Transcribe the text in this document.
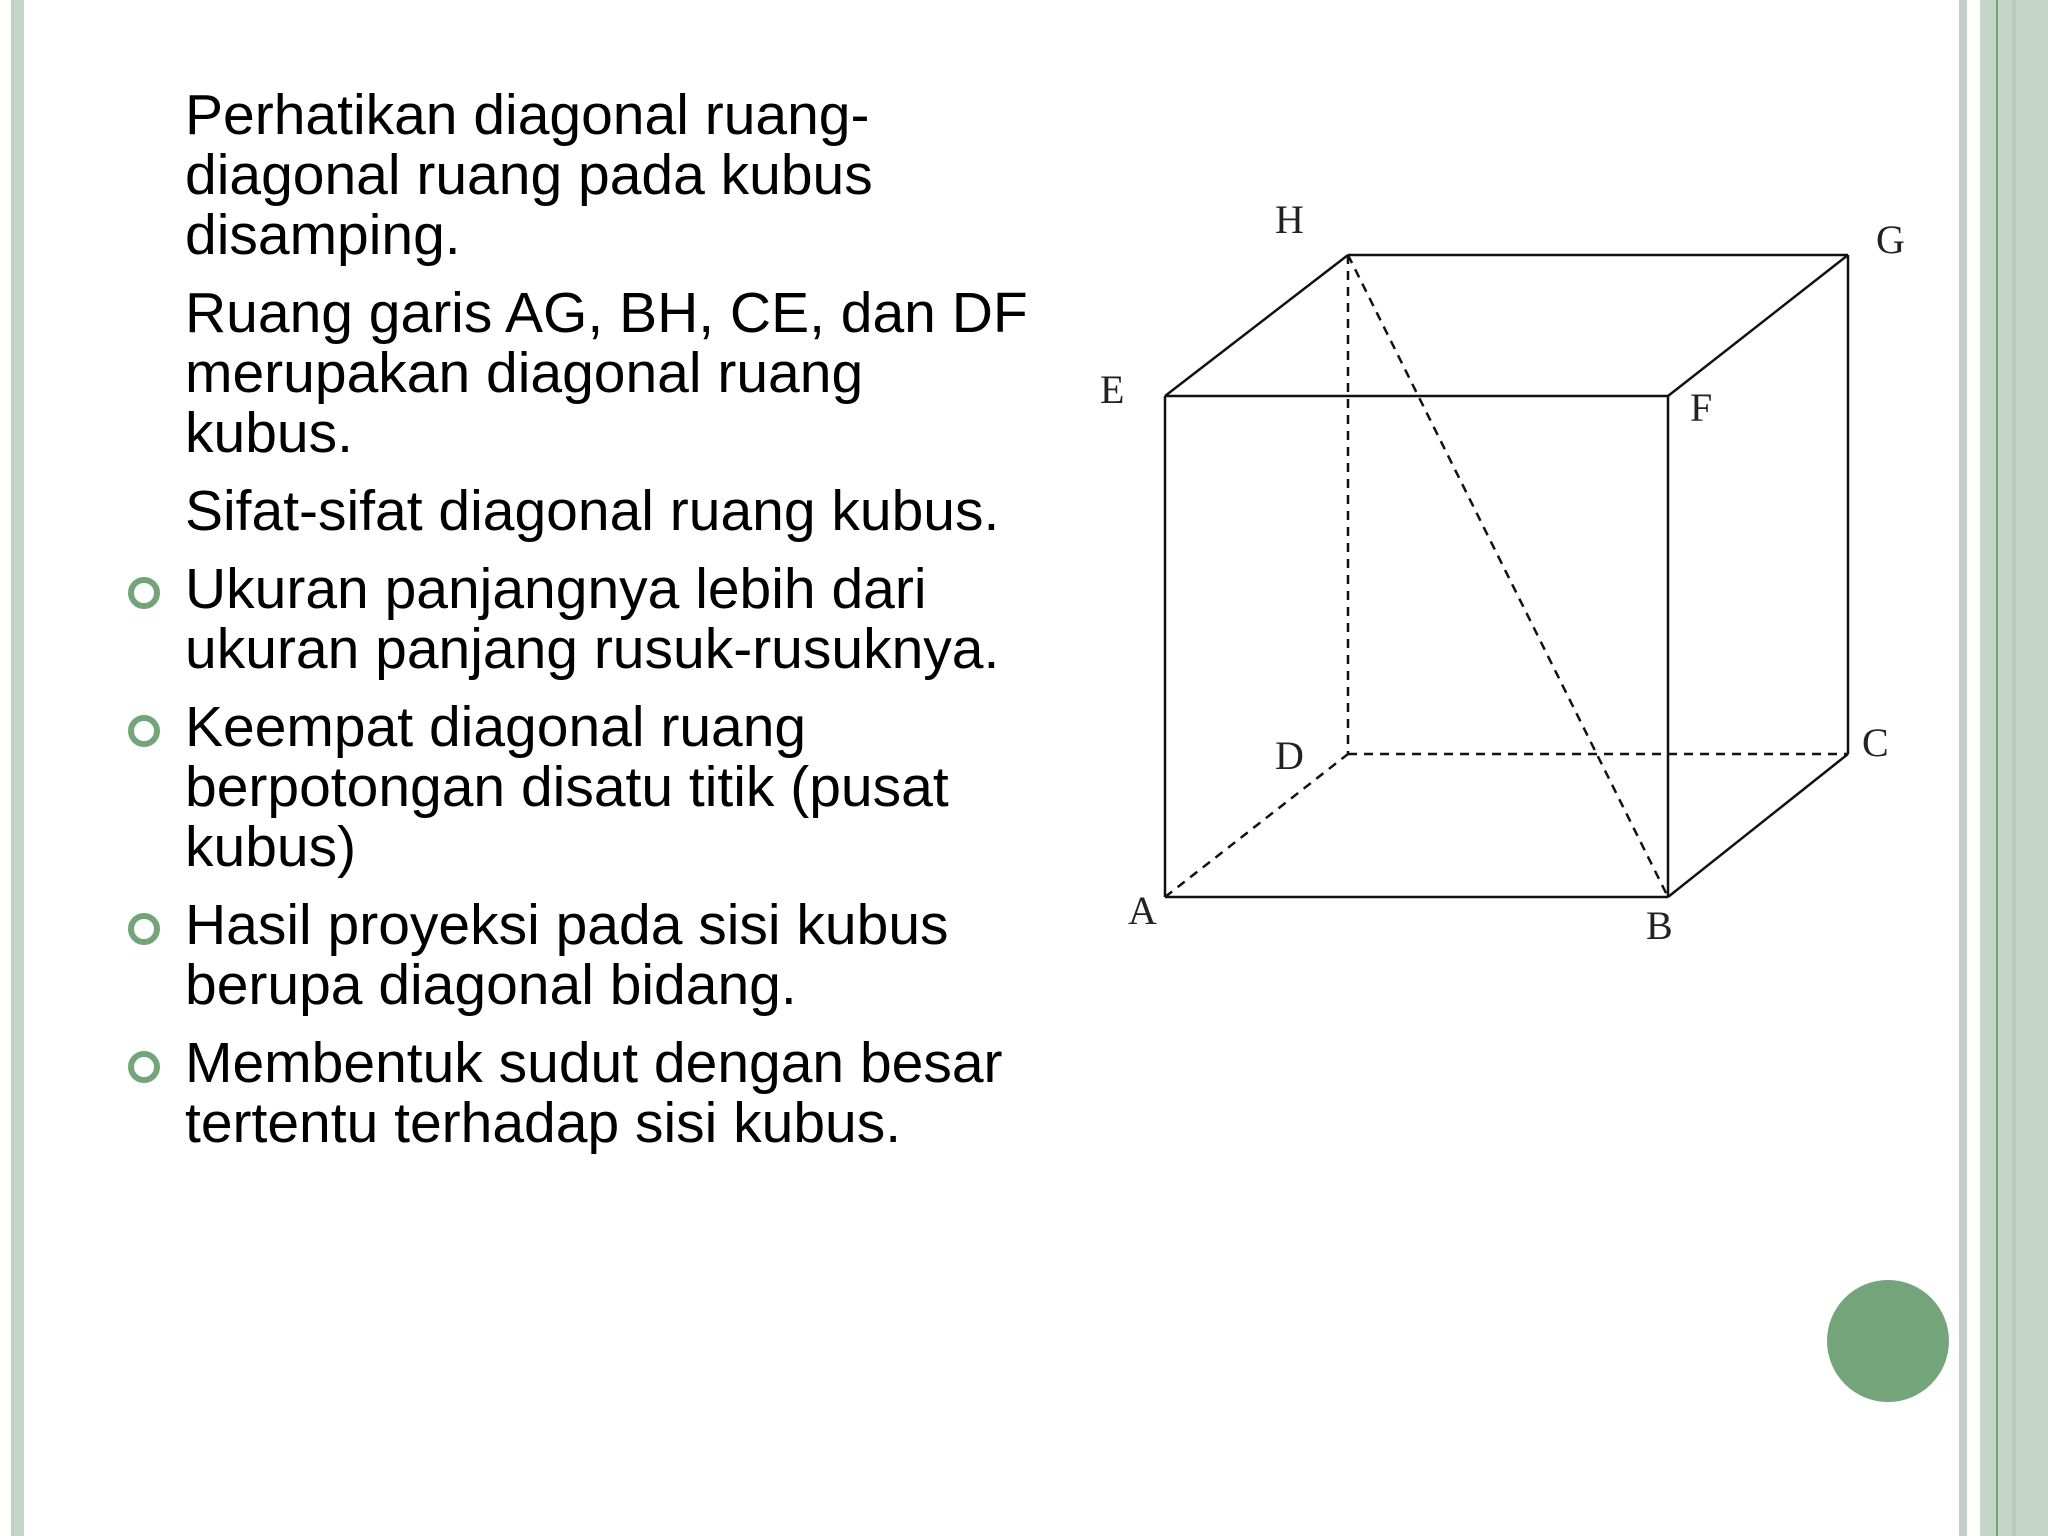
Perhatikan diagonal ruang-diagonal ruang pada kubus disamping.

Ruang garis AG, BH, CE, dan DF merupakan diagonal ruang kubus.

Sifat-sifat diagonal ruang kubus.

Ukuran panjangnya lebih dari ukuran panjang rusuk-rusuknya.

Keempat diagonal ruang berpotongan disatu titik (pusat kubus)

Hasil proyeksi pada sisi kubus berupa diagonal bidang.

Membentuk sudut dengan besar tertentu terhadap sisi kubus.

H	G
E	F
D	C
A	B
